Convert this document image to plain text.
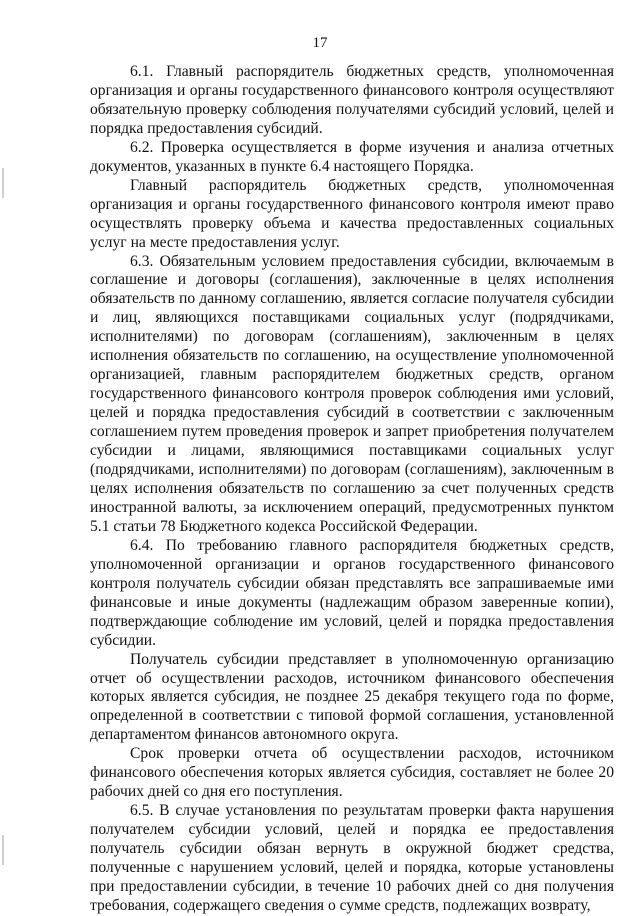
17

6.1. Главный распорядитель бюджетных средств, уполномоченная организация и органы государственного финансового контроля осуществляют обязательную проверку соблюдения получателями субсидий условий, целей и порядка предоставления субсидий.

6.2. Проверка осуществляется в форме изучения и анализа отчетных документов, указанных в пункте 6.4 настоящего Порядка.

Главный распорядитель бюджетных средств, уполномоченная организация и органы государственного финансового контроля имеют право осуществлять проверку объема и качества предоставленных социальных услуг на месте предоставления услуг.

6.3. Обязательным условием предоставления субсидии, включаемым в соглашение и договоры (соглашения), заключенные в целях исполнения обязательств по данному соглашению, является согласие получателя субсидии и лиц, являющихся поставщиками социальных услуг (подрядчиками, исполнителями) по договорам (соглашениям), заключенным в целях исполнения обязательств по соглашению, на осуществление уполномоченной организацией, главным распорядителем бюджетных средств, органом государственного финансового контроля проверок соблюдения ими условий, целей и порядка предоставления субсидий в соответствии с заключенным соглашением путем проведения проверок и запрет приобретения получателем субсидии и лицами, являющимися поставщиками социальных услуг (подрядчиками, исполнителями) по договорам (соглашениям), заключенным в целях исполнения обязательств по соглашению за счет полученных средств иностранной валюты, за исключением операций, предусмотренных пунктом 5.1 статьи 78 Бюджетного кодекса Российской Федерации.

6.4. По требованию главного распорядителя бюджетных средств, уполномоченной организации и органов государственного финансового контроля получатель субсидии обязан представлять все запрашиваемые ими финансовые и иные документы (надлежащим образом заверенные копии), подтверждающие соблюдение им условий, целей и порядка предоставления субсидии.

Получатель субсидии представляет в уполномоченную организацию отчет об осуществлении расходов, источником финансового обеспечения которых является субсидия, не позднее 25 декабря текущего года по форме, определенной в соответствии с типовой формой соглашения, установленной департаментом финансов автономного округа.

Срок проверки отчета об осуществлении расходов, источником финансового обеспечения которых является субсидия, составляет не более 20 рабочих дней со дня его поступления.

6.5. В случае установления по результатам проверки факта нарушения получателем субсидии условий, целей и порядка ее предоставления получатель субсидии обязан вернуть в окружной бюджет средства, полученные с нарушением условий, целей и порядка, которые установлены при предоставлении субсидии, в течение 10 рабочих дней со дня получения требования, содержащего сведения о сумме средств, подлежащих возврату,
